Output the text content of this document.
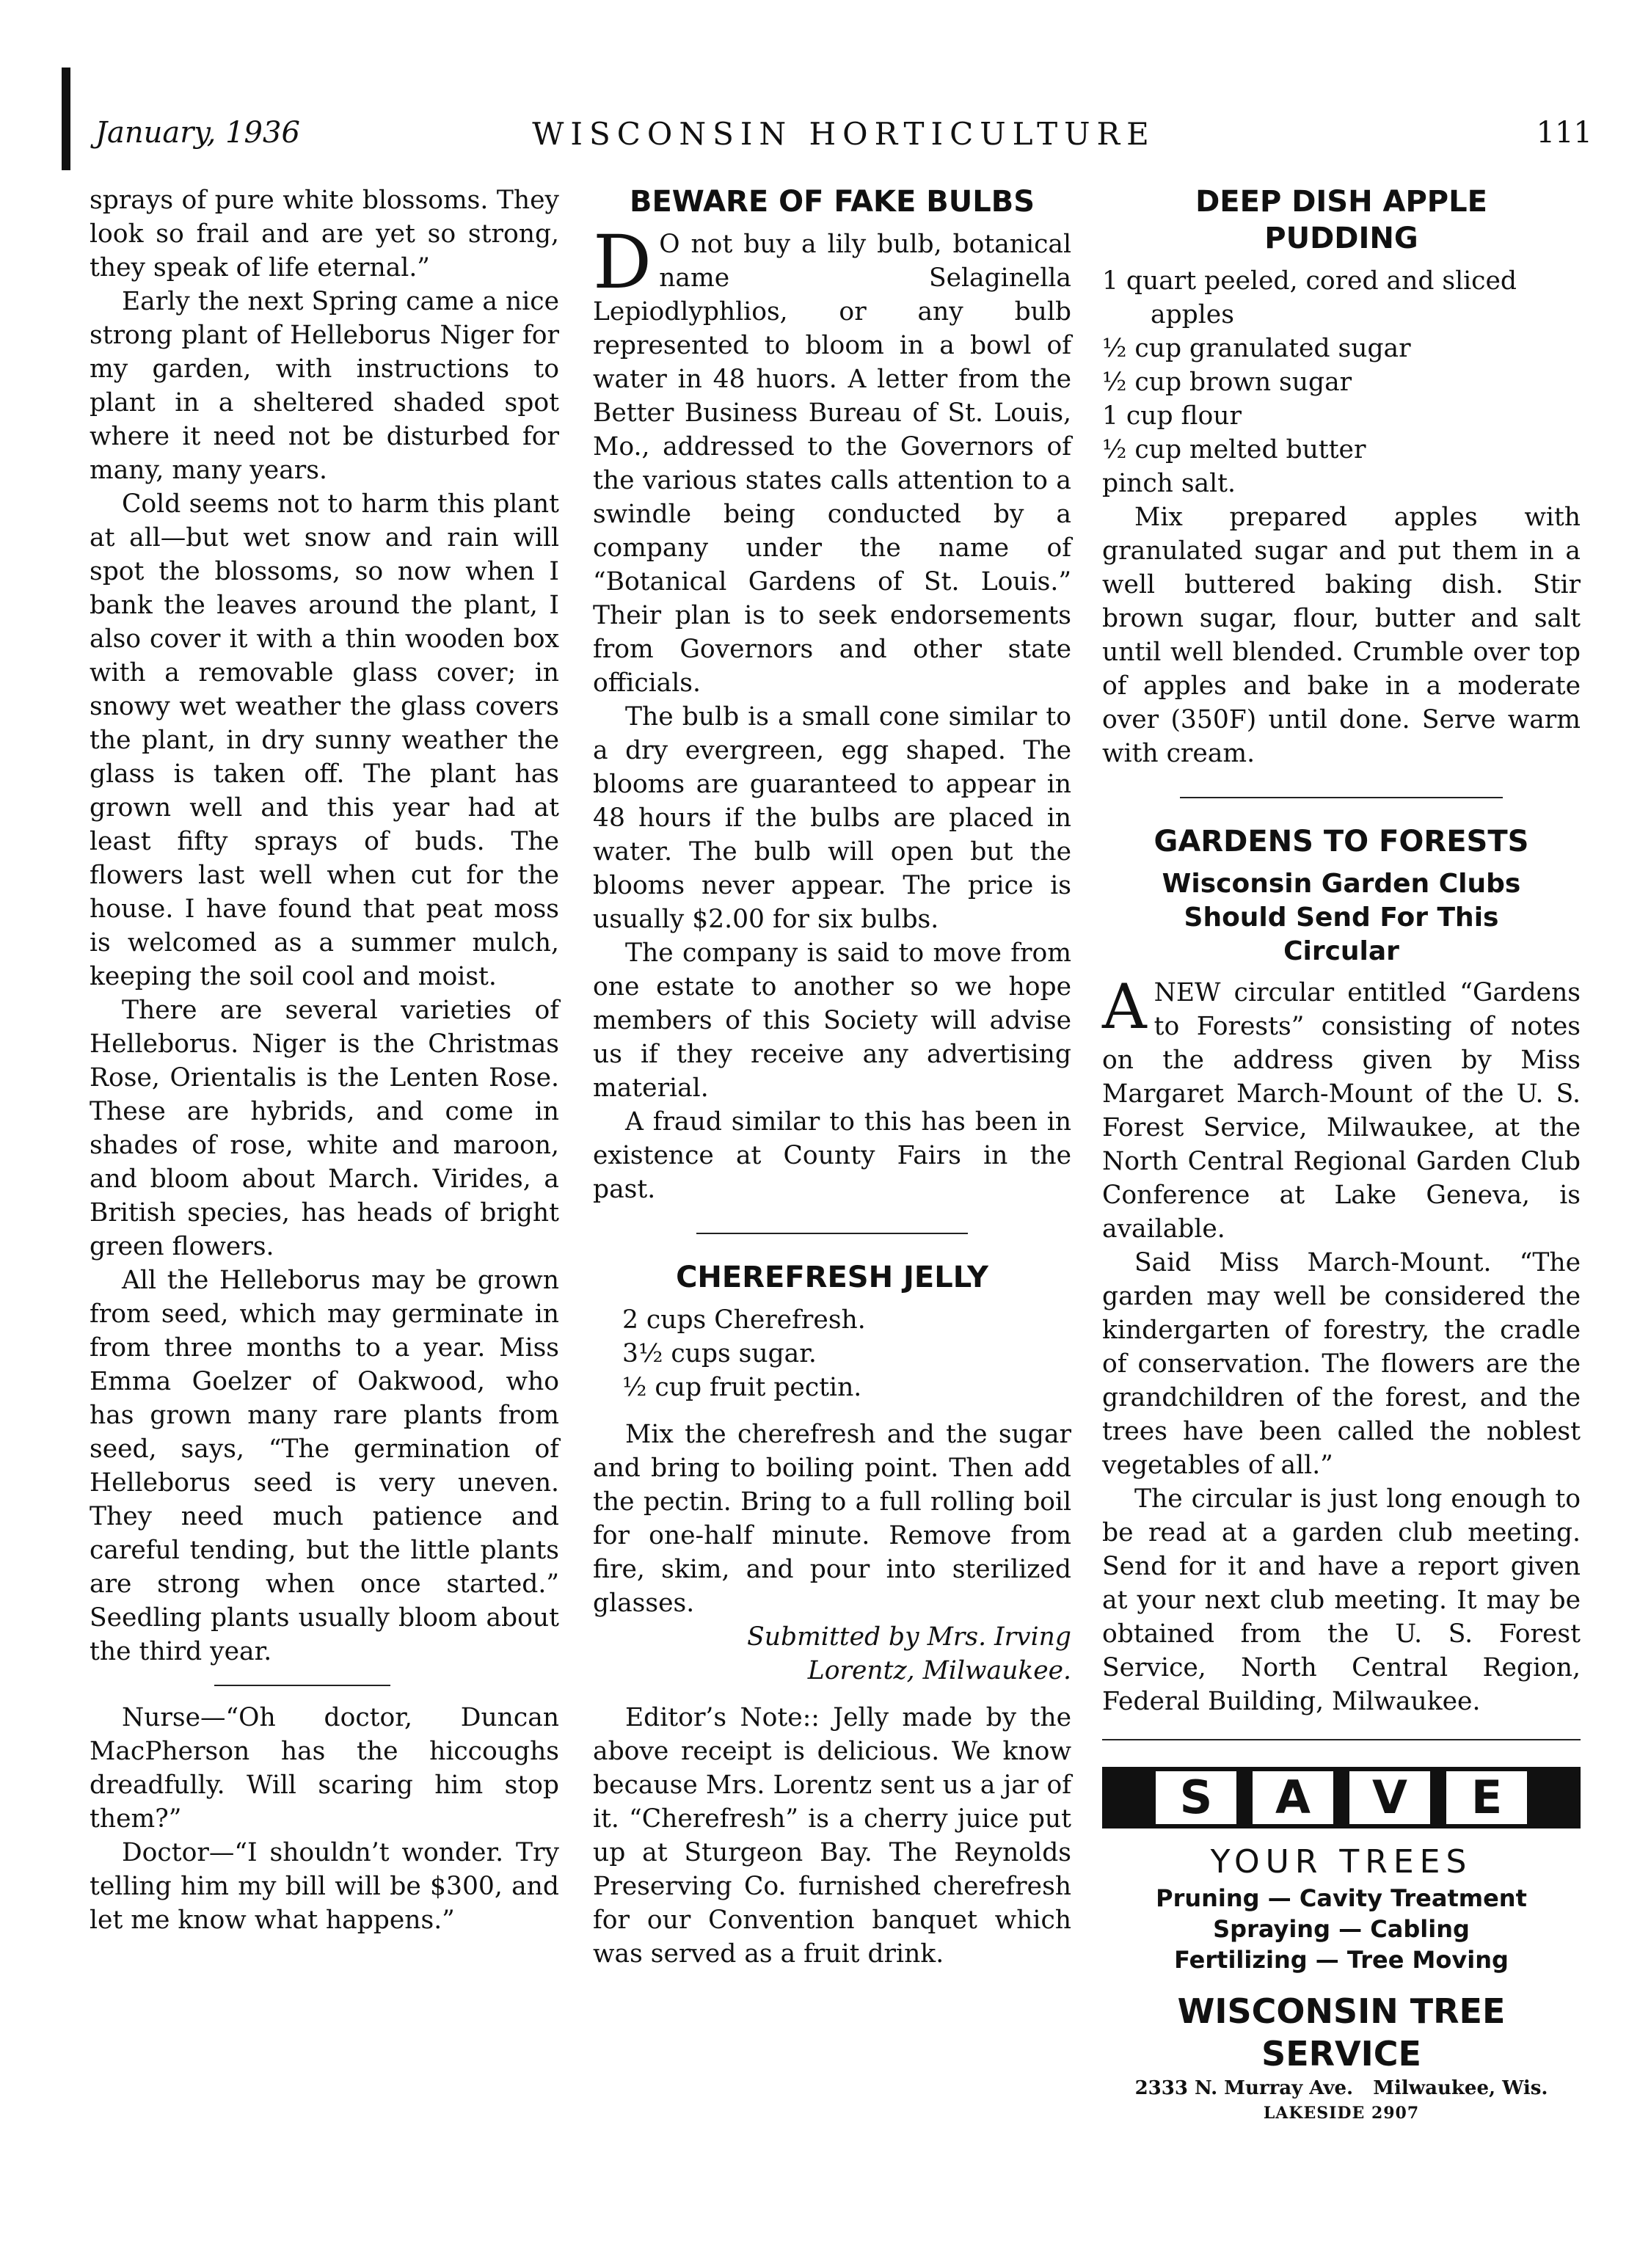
January, 1936	WISCONSIN HORTICULTURE	111

sprays of pure white blossoms. They look so frail and are yet so strong, they speak of life eternal.”

Early the next Spring came a nice strong plant of Helleborus Niger for my garden, with instructions to plant in a sheltered shaded spot where it need not be disturbed for many, many years.

Cold seems not to harm this plant at all—but wet snow and rain will spot the blossoms, so now when I bank the leaves around the plant, I also cover it with a thin wooden box with a removable glass cover; in snowy wet weather the glass covers the plant, in dry sunny weather the glass is taken off. The plant has grown well and this year had at least fifty sprays of buds. The flowers last well when cut for the house. I have found that peat moss is welcomed as a summer mulch, keeping the soil cool and moist.

There are several varieties of Helleborus. Niger is the Christmas Rose, Orientalis is the Lenten Rose. These are hybrids, and come in shades of rose, white and maroon, and bloom about March. Virides, a British species, has heads of bright green flowers.

All the Helleborus may be grown from seed, which may germinate in from three months to a year. Miss Emma Goelzer of Oakwood, who has grown many rare plants from seed, says, “The germination of Helleborus seed is very uneven. They need much patience and careful tending, but the little plants are strong when once started.” Seedling plants usually bloom about the third year.

Nurse—“Oh doctor, Duncan MacPherson has the hiccoughs dreadfully. Will scaring him stop them?”

Doctor—“I shouldn’t wonder. Try telling him my bill will be $300, and let me know what happens.”

BEWARE OF FAKE BULBS

D O not buy a lily bulb, botanical name Selaginella Lepiodlyphlios, or any bulb represented to bloom in a bowl of water in 48 huors. A letter from the Better Business Bureau of St. Louis, Mo., addressed to the Governors of the various states calls attention to a swindle being conducted by a company under the name of “Botanical Gardens of St. Louis.” Their plan is to seek endorsements from Governors and other state officials.

The bulb is a small cone similar to a dry evergreen, egg shaped. The blooms are guaranteed to appear in 48 hours if the bulbs are placed in water. The bulb will open but the blooms never appear. The price is usually $2.00 for six bulbs.

The company is said to move from one estate to another so we hope members of this Society will advise us if they receive any advertising material.

A fraud similar to this has been in existence at County Fairs in the past.

CHEREFRESH JELLY
2 cups Cherefresh.
3½ cups sugar.
½ cup fruit pectin.

Mix the cherefresh and the sugar and bring to boiling point. Then add the pectin. Bring to a full rolling boil for one-half minute. Remove from fire, skim, and pour into sterilized glasses.

Submitted by Mrs. Irving
Lorentz, Milwaukee.

Editor’s Note:: Jelly made by the above receipt is delicious. We know because Mrs. Lorentz sent us a jar of it. “Cherefresh” is a cherry juice put up at Sturgeon Bay. The Reynolds Preserving Co. furnished cherefresh for our Convention banquet which was served as a fruit drink.

DEEP DISH APPLE PUDDING
1 quart peeled, cored and sliced apples
½ cup granulated sugar
½ cup brown sugar
1 cup flour
½ cup melted butter
pinch salt.

Mix prepared apples with granulated sugar and put them in a well buttered baking dish. Stir brown sugar, flour, butter and salt until well blended. Crumble over top of apples and bake in a moderate over (350F) until done. Serve warm with cream.

GARDENS TO FORESTS
Wisconsin Garden Clubs Should Send For This Circular

ANEW circular entitled “Gardens to Forests” consisting of notes on the address given by Miss Margaret March-Mount of the U. S. Forest Service, Milwaukee, at the North Central Regional Garden Club Conference at Lake Geneva, is available.

Said Miss March-Mount. “The garden may well be considered the kindergarten of forestry, the cradle of conservation. The flowers are the grandchildren of the forest, and the trees have been called the noblest vegetables of all.”

The circular is just long enough to be read at a garden club meeting. Send for it and have a report given at your next club meeting. It may be obtained from the U. S. Forest Service, North Central Region, Federal Building, Milwaukee.

S	A	V	E
YOUR TREES
Pruning — Cavity Treatment
Spraying — Cabling
Fertilizing — Tree Moving
WISCONSIN TREE SERVICE
2333 N. Murray Ave.   Milwaukee, Wis.
LAKESIDE 2907
